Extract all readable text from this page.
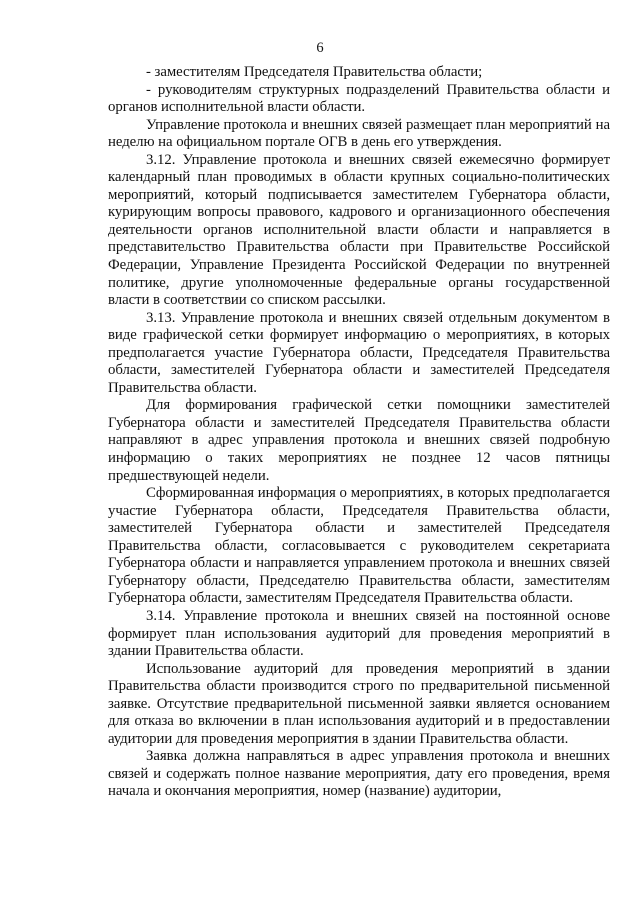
6

- заместителям Председателя Правительства области;

- руководителям структурных подразделений Правительства области и органов исполнительной власти области.

Управление протокола и внешних связей размещает план мероприятий на неделю на официальном портале ОГВ в день его утверждения.

3.12. Управление протокола и внешних связей ежемесячно формирует календарный план проводимых в области крупных социально-политических мероприятий, который подписывается заместителем Губернатора области, курирующим вопросы правового, кадрового и организационного обеспечения деятельности органов исполнительной власти области и направляется в представительство Правительства области при Правительстве Российской Федерации, Управление Президента Российской Федерации по внутренней политике, другие уполномоченные федеральные органы государственной власти в соответствии со списком рассылки.

3.13. Управление протокола и внешних связей отдельным документом в виде графической сетки формирует информацию о мероприятиях, в которых предполагается участие Губернатора области, Председателя Правительства области, заместителей Губернатора области и заместителей Председателя Правительства области.

Для формирования графической сетки помощники заместителей Губернатора области и заместителей Председателя Правительства области направляют в адрес управления протокола и внешних связей подробную информацию о таких мероприятиях не позднее 12 часов пятницы предшествующей недели.

Сформированная информация о мероприятиях, в которых предполагается участие Губернатора области, Председателя Правительства области, заместителей Губернатора области и заместителей Председателя Правительства области, согласовывается с руководителем секретариата Губернатора области и направляется управлением протокола и внешних связей Губернатору области, Председателю Правительства области, заместителям Губернатора области, заместителям Председателя Правительства области.

3.14. Управление протокола и внешних связей на постоянной основе формирует план использования аудиторий для проведения мероприятий в здании Правительства области.

Использование аудиторий для проведения мероприятий в здании Правительства области производится строго по предварительной письменной заявке. Отсутствие предварительной письменной заявки является основанием для отказа во включении в план использования аудиторий и в предоставлении аудитории для проведения мероприятия в здании Правительства области.

Заявка должна направляться в адрес управления протокола и внешних связей и содержать полное название мероприятия, дату его проведения, время начала и окончания мероприятия, номер (название) аудитории,
